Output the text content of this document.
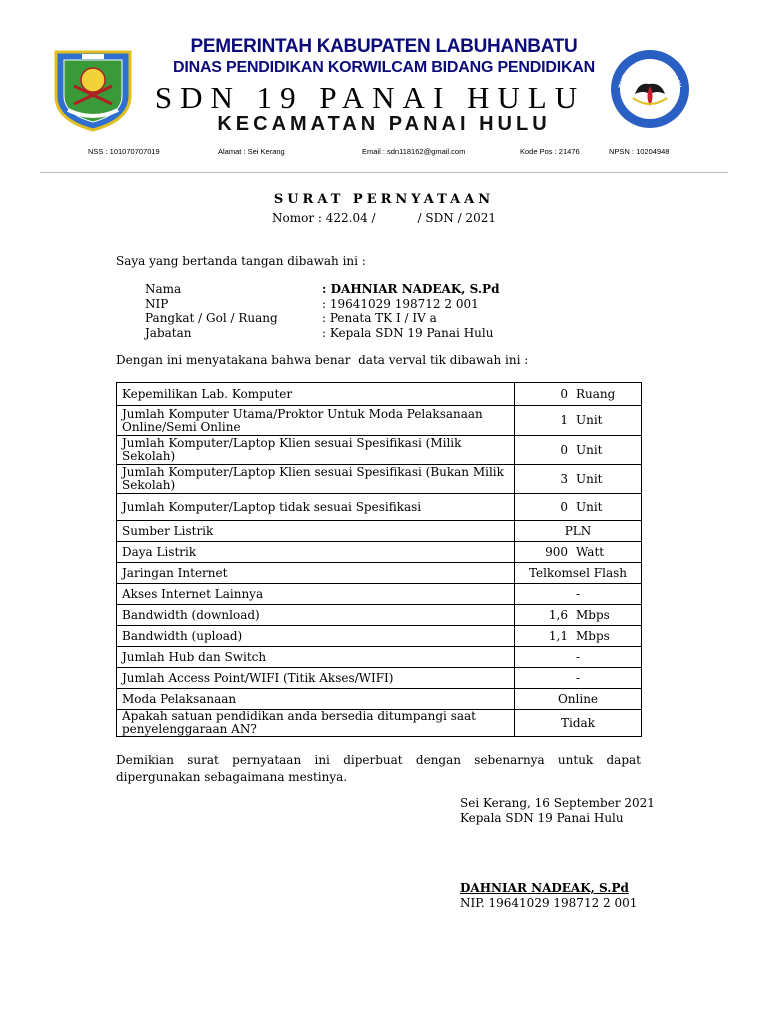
TUT WURI HANDAYANI
PEMERINTAH KABUPATEN LABUHANBATU
DINAS PENDIDIKAN KORWILCAM BIDANG PENDIDIKAN
SDN 19 PANAI HULU
KECAMATAN PANAI HULU
NSS : 101070707019	Alamat : Sei Kerang	Email : sdn118162@gmail.com	Kode Pos : 21476	NPSN : 10204948
SURAT PERNYATAAN
Nomor : 422.04 /           / SDN / 2021
Saya yang bertanda tangan dibawah ini :
Nama	: DAHNIAR NADEAK, S.Pd
NIP	: 19641029 198712 2 001
Pangkat / Gol / Ruang	: Penata TK I / IV a
Jabatan	: Kepala SDN 19 Panai Hulu
Dengan ini menyatakana bahwa benar  data verval tik dibawah ini :
Kepemilikan Lab. Komputer	0 Ruang
Jumlah Komputer Utama/Proktor Untuk Moda Pelaksanaan Online/Semi Online	1 Unit
Jumlah Komputer/Laptop Klien sesuai Spesifikasi (Milik Sekolah)	0 Unit
Jumlah Komputer/Laptop Klien sesuai Spesifikasi (Bukan Milik Sekolah)	3 Unit
Jumlah Komputer/Laptop tidak sesuai Spesifikasi	0 Unit
Sumber Listrik	PLN
Daya Listrik	900 Watt
Jaringan Internet	Telkomsel Flash
Akses Internet Lainnya	-
Bandwidth (download)	1,6 Mbps
Bandwidth (upload)	1,1 Mbps
Jumlah Hub dan Switch	-
Jumlah Access Point/WIFI (Titik Akses/WIFI)	-
Moda Pelaksanaan	Online
Apakah satuan pendidikan anda bersedia ditumpangi saat penyelenggaraan AN?	Tidak
Demikian surat pernyataan ini diperbuat dengan sebenarnya untuk dapat dipergunakan sebagaimana mestinya.
Sei Kerang, 16 September 2021
Kepala SDN 19 Panai Hulu
DAHNIAR NADEAK, S.Pd
NIP. 19641029 198712 2 001
